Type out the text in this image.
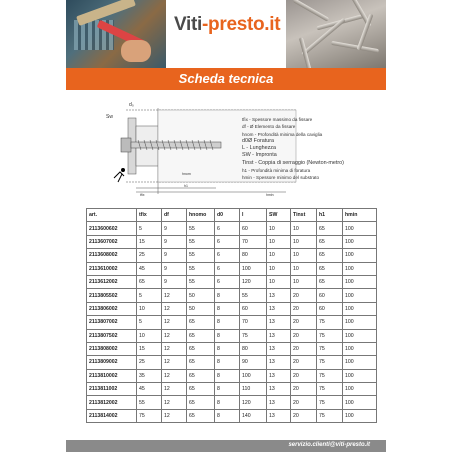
Viti-presto.it
Scheda tecnica
d₀
Sw
hnom
h1
hmin
tfix
tfix - Spessore massimo da fissare
df - Ø Elemento da fissare
hnom - Profondità minima della caviglia
d0Ø Foratura
L - Lunghezza
SW - Impronta
Tinst - Coppia di serraggio (Newton-metro)
h1 - Profondità minima di foratura
hmin - Spessore minimo del substrato
art.	tfix	df	hnomo	d0	l	SW	Tinst	h1	hmin
2113600602	5	9	55	6	60	10	10	65	100
2113607002	15	9	55	6	70	10	10	65	100
2113608002	25	9	55	6	80	10	10	65	100
2113610002	45	9	55	6	100	10	10	65	100
2113612002	65	9	55	6	120	10	10	65	100
2113805502	5	12	50	8	55	13	20	60	100
2113806002	10	12	50	8	60	13	20	60	100
2113807002	5	12	65	8	70	13	20	75	100
2113807502	10	12	65	8	75	13	20	75	100
2113808002	15	12	65	8	80	13	20	75	100
2113809002	25	12	65	8	90	13	20	75	100
2113810002	35	12	65	8	100	13	20	75	100
2113811002	45	12	65	8	110	13	20	75	100
2113812002	55	12	65	8	120	13	20	75	100
2113814002	75	12	65	8	140	13	20	75	100
servizio.clienti@viti-presto.it
